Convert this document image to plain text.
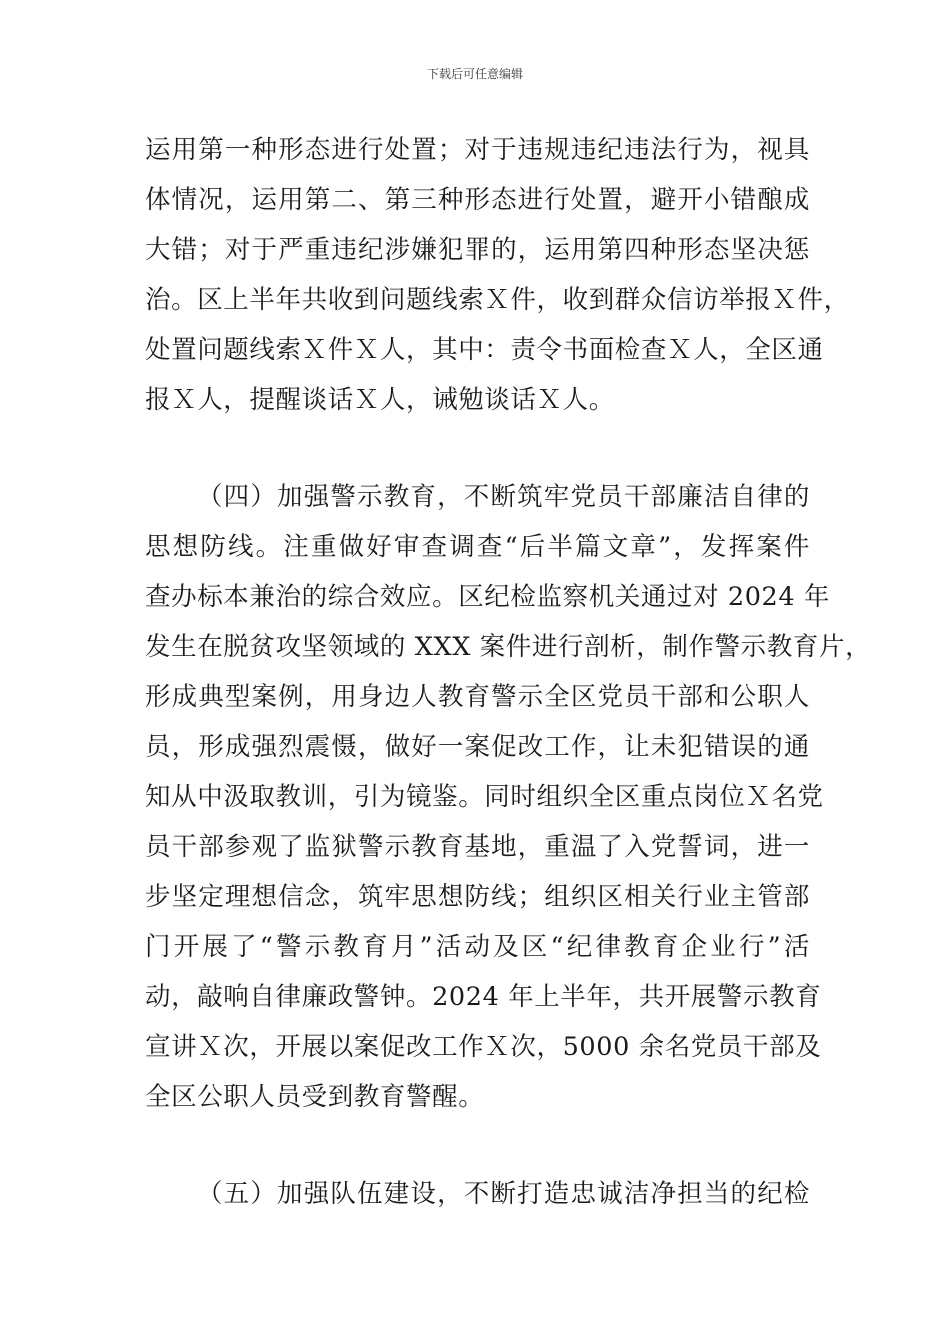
下载后可任意编辑
运用第一种形态进行处置；对于违规违纪违法行为，视具
体情况，运用第二、第三种形态进行处置，避开小错酿成
大错；对于严重违纪涉嫌犯罪的，运用第四种形态坚决惩
治。区上半年共收到问题线索Ｘ件，收到群众信访举报Ｘ件，
处置问题线索Ｘ件Ｘ人，其中：责令书面检查Ｘ人，全区通
报Ｘ人，提醒谈话Ｘ人，诫勉谈话Ｘ人。
（四）加强警示教育，不断筑牢党员干部廉洁自律的
思想防线。注重做好审查调查“后半篇文章”，发挥案件
查办标本兼治的综合效应。区纪检监察机关通过对 2024 年
发生在脱贫攻坚领域的 XXX 案件进行剖析，制作警示教育片，
形成典型案例，用身边人教育警示全区党员干部和公职人
员，形成强烈震慑，做好一案促改工作，让未犯错误的通
知从中汲取教训，引为镜鉴。同时组织全区重点岗位Ｘ名党
员干部参观了监狱警示教育基地，重温了入党誓词，进一
步坚定理想信念，筑牢思想防线；组织区相关行业主管部
门开展了“警示教育月”活动及区“纪律教育企业行”活
动，敲响自律廉政警钟。2024 年上半年，共开展警示教育
宣讲Ｘ次，开展以案促改工作Ｘ次，5000 余名党员干部及
全区公职人员受到教育警醒。
（五）加强队伍建设，不断打造忠诚洁净担当的纪检
